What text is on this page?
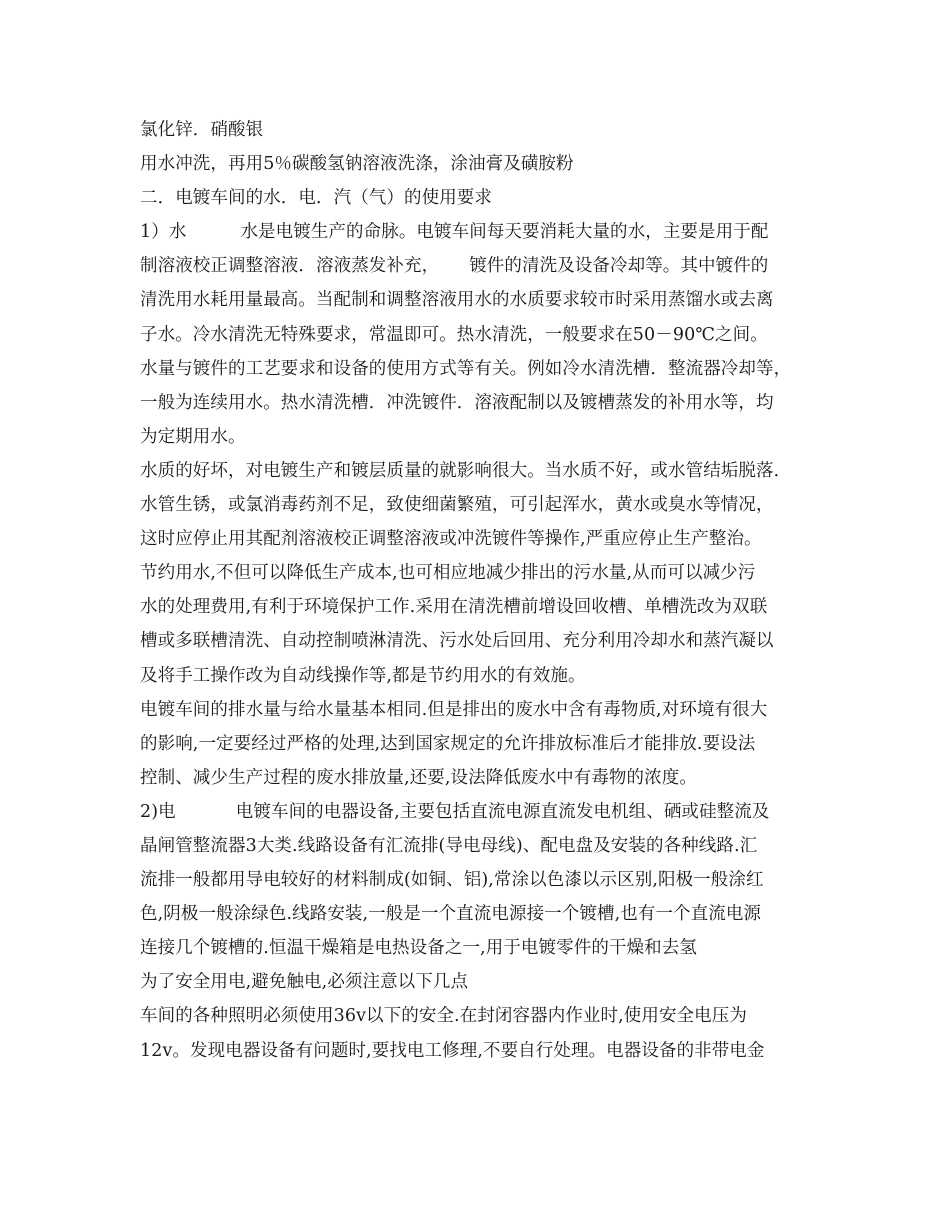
氯化锌．硝酸银
用水冲洗，再用5％碳酸氢钠溶液洗涤，涂油膏及磺胺粉
二．电镀车间的水．电．汽（气）的使用要求
1）水	水是电镀生产的命脉。电镀车间每天要消耗大量的水，主要是用于配
制溶液校正调整溶液．溶液蒸发补充， 镀件的清洗及设备冷却等。其中镀件的
清洗用水耗用量最高。当配制和调整溶液用水的水质要求较市时采用蒸馏水或去离
子水。冷水清洗无特殊要求，常温即可。热水清洗，一般要求在50－90℃之间。
水量与镀件的工艺要求和设备的使用方式等有关。例如冷水清洗槽．整流器冷却等，
一般为连续用水。热水清洗槽．冲洗镀件．溶液配制以及镀槽蒸发的补用水等，均
为定期用水。
水质的好坏，对电镀生产和镀层质量的就影响很大。当水质不好，或水管结垢脱落．
水管生锈，或氯消毒药剂不足，致使细菌繁殖，可引起浑水，黄水或臭水等情况，
这时应停止用其配剂溶液校正调整溶液或冲洗镀件等操作,严重应停止生产整治。
节约用水,不但可以降低生产成本,也可相应地减少排出的污水量,从而可以减少污
水的处理费用,有利于环境保护工作.采用在清洗槽前增设回收槽、单槽洗改为双联
槽或多联槽清洗、自动控制喷淋清洗、污水处后回用、充分利用冷却水和蒸汽凝以
及将手工操作改为自动线操作等,都是节约用水的有效施。
电镀车间的排水量与给水量基本相同.但是排出的废水中含有毒物质,对环境有很大
的影响,一定要经过严格的处理,达到国家规定的允许排放标准后才能排放.要设法
控制、减少生产过程的废水排放量,还要,设法降低废水中有毒物的浓度。
2)电	电镀车间的电器设备,主要包括直流电源直流发电机组、硒或硅整流及
晶闸管整流器3大类.线路设备有汇流排(导电母线)、配电盘及安装的各种线路.汇
流排一般都用导电较好的材料制成(如铜、铝),常涂以色漆以示区别,阳极一般涂红
色,阴极一般涂绿色.线路安装,一般是一个直流电源接一个镀槽,也有一个直流电源
连接几个镀槽的.恒温干燥箱是电热设备之一,用于电镀零件的干燥和去氢
为了安全用电,避免触电,必须注意以下几点
车间的各种照明必须使用36v以下的安全.在封闭容器内作业时,使用安全电压为
12v。发现电器设备有问题时,要找电工修理,不要自行处理。电器设备的非带电金
